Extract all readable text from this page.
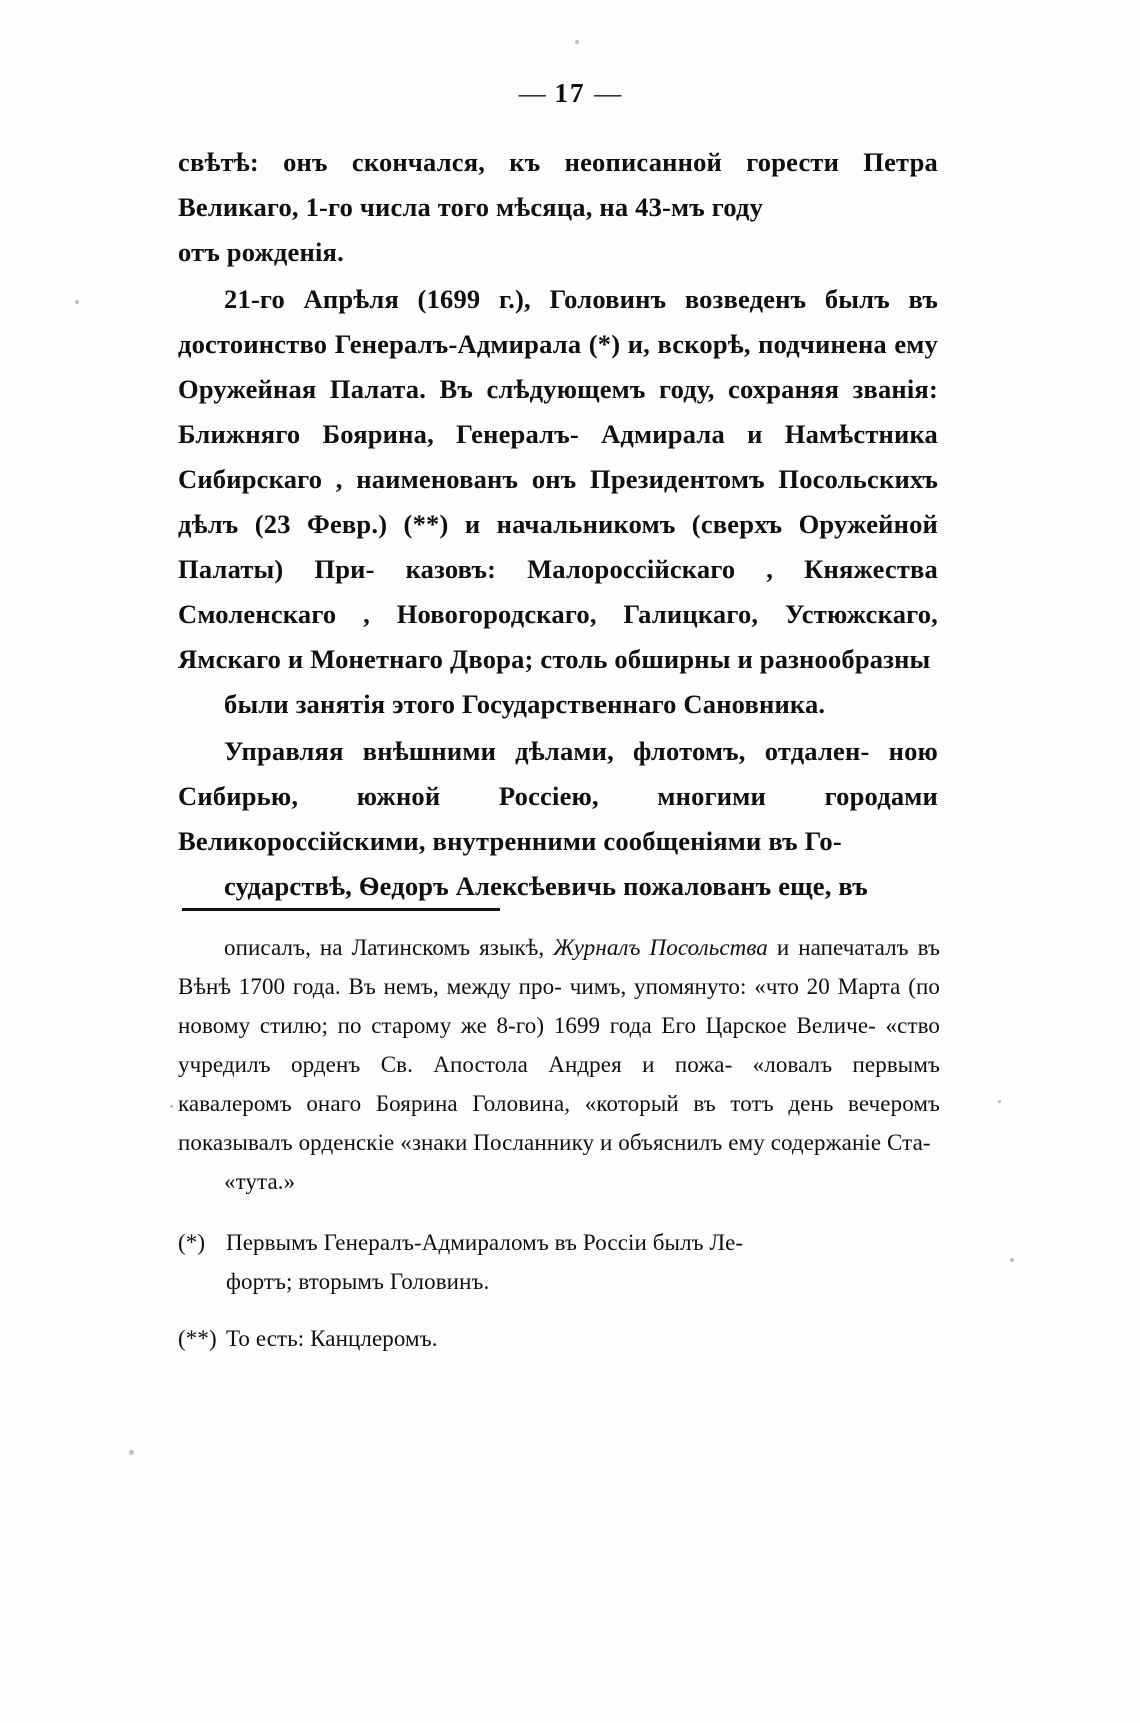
— 17 —

свѣтѣ: онъ скончался, къ неописанной горести Петра Великаго, 1-го числа того мѣсяца, на 43-мъ году
отъ рожденія.

21-го Апрѣля (1699 г.), Головинъ возведенъ былъ въ достоинство Генералъ-Адмирала (*) и, вскорѣ, подчинена ему Оружейная Палата. Въ слѣдующемъ году, сохраняя званія: Ближняго Боярина, Генералъ- Адмирала и Намѣстника Сибирскаго , наименованъ онъ Президентомъ Посольскихъ дѣлъ (23 Февр.) (**) и начальникомъ (сверхъ Оружейной Палаты) При- казовъ: Малороссійскаго , Княжества Смоленскаго , Новогородскаго, Галицкаго, Устюжскаго, Ямскаго и Монетнаго Двора; столь обширны и разнообразны
были занятія этого Государственнаго Сановника.

Управляя внѣшними дѣлами, флотомъ, отдален- ною Сибирью, южной Россіею, многими городами Великороссійскими, внутренними сообщеніями въ Го-
сударствѣ, Ѳедоръ Алексѣевичь пожалованъ еще, въ

описалъ, на Латинскомъ языкѣ, Журналъ Посольства и напечаталъ въ Вѣнѣ 1700 года. Въ немъ, между про- чимъ, упомянуто: «что 20 Марта (по новому стилю; по старому же 8-го) 1699 года Его Царское Величе- «ство учредилъ орденъ Св. Апостола Андрея и пожа- «ловалъ первымъ кавалеромъ онаго Боярина Головина, «который въ тотъ день вечеромъ показывалъ орденскіе «знаки Посланнику и объяснилъ ему содержаніе Ста-
«тута.»

(*) Первымъ Генералъ-Адмираломъ въ Россіи былъ Ле-
фортъ; вторымъ Головинъ.

(**) То есть: Канцлеромъ.
